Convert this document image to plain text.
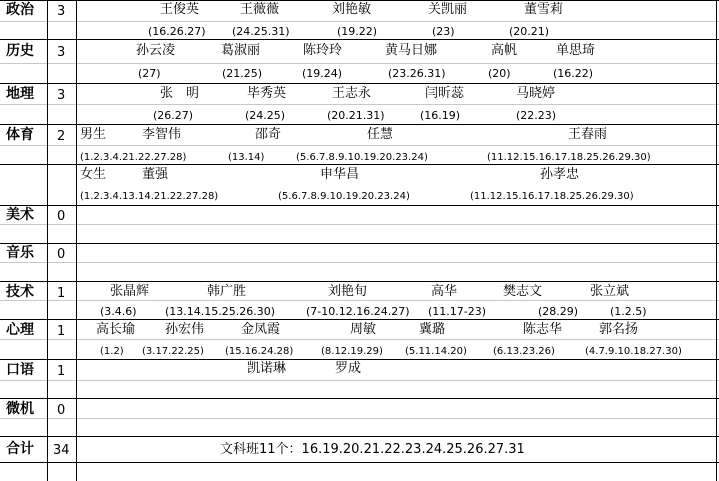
政治 3	王俊英	王薇薇	刘艳敏	关凯丽	董雪莉
(16.26.27) (24.25.31)	(19.22)	(23)	(20.21)
历史 3	孙云凌	葛淑丽	陈玲玲	黄马日娜	高帆	单思琦
(27)	(21.25)	(19.24)	(23.26.31)	(20)	(16.22)
地理 3	张　明	毕秀英	王志永	闫昕蕊	马晓婷
(26.27)	(24.25)	(20.21.31)	(16.19)	(22.23)
体育 2 男生	李智伟	邵奇	任慧	王春雨
(1.2.3.4.21.22.27.28)	(13.14)	(5.6.7.8.9.10.19.20.23.24)	(11.12.15.16.17.18.25.26.29.30)
女生	董强	申华昌	孙孝忠
(1.2.3.4.13.14.21.22.27.28)	(5.6.7.8.9.10.19.20.23.24)	(11.12.15.16.17.18.25.26.29.30)
美术 0
音乐 0
技术 1	张晶辉	韩广胜	刘艳旬	高华	樊志文	张立斌
(3.4.6)	(13.14.15.25.26.30)	(7-10.12.16.24.27) (11.17-23)	(28.29)	(1.2.5)
心理 1 高长瑜 孙宏伟	金凤霞	周敏	冀璐	陈志华	郭名扬
(1.2) (3.17.22.25) (15.16.24.28)	(8.12.19.29) (5.11.14.20)	(6.13.23.26)	(4.7.9.10.18.27.30)
口语 1	凯诺琳	罗成
微机 0
合计 34	文科班11个：16.19.20.21.22.23.24.25.26.27.31
